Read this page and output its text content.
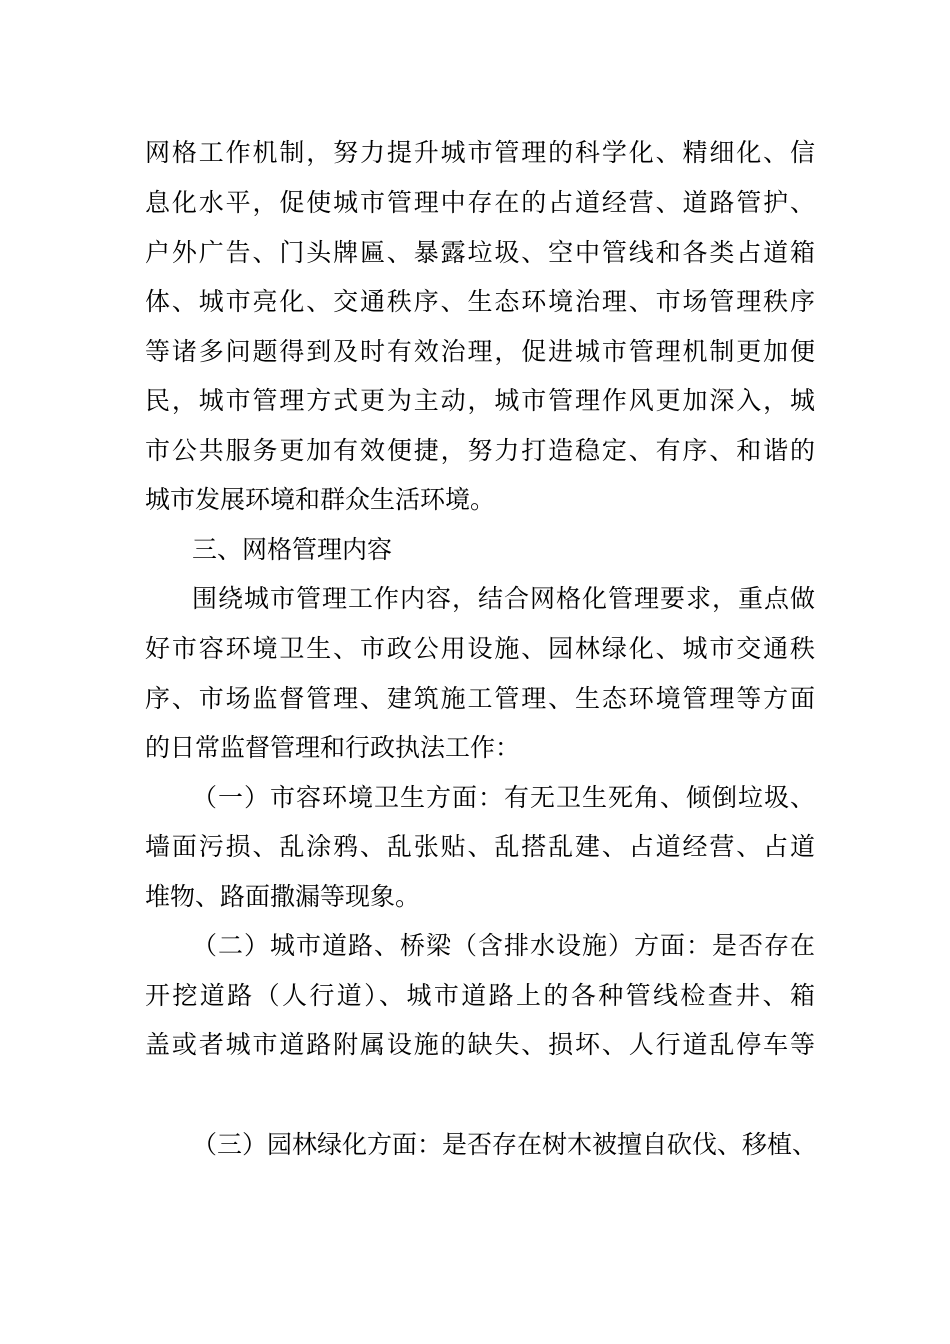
网格工作机制，努力提升城市管理的科学化、精细化、信
息化水平，促使城市管理中存在的占道经营、道路管护、
户外广告、门头牌匾、暴露垃圾、空中管线和各类占道箱
体、城市亮化、交通秩序、生态环境治理、市场管理秩序
等诸多问题得到及时有效治理，促进城市管理机制更加便
民，城市管理方式更为主动，城市管理作风更加深入，城
市公共服务更加有效便捷，努力打造稳定、有序、和谐的
城市发展环境和群众生活环境。
三、网格管理内容
围绕城市管理工作内容，结合网格化管理要求，重点做
好市容环境卫生、市政公用设施、园林绿化、城市交通秩
序、市场监督管理、建筑施工管理、生态环境管理等方面
的日常监督管理和行政执法工作：
（一）市容环境卫生方面：有无卫生死角、倾倒垃圾、
墙面污损、乱涂鸦、乱张贴、乱搭乱建、占道经营、占道
堆物、路面撒漏等现象。
（二）城市道路、桥梁（含排水设施）方面：是否存在
开挖道路（人行道）、城市道路上的各种管线检查井、箱
盖或者城市道路附属设施的缺失、损坏、人行道乱停车等
（三）园林绿化方面：是否存在树木被擅自砍伐、移植、
